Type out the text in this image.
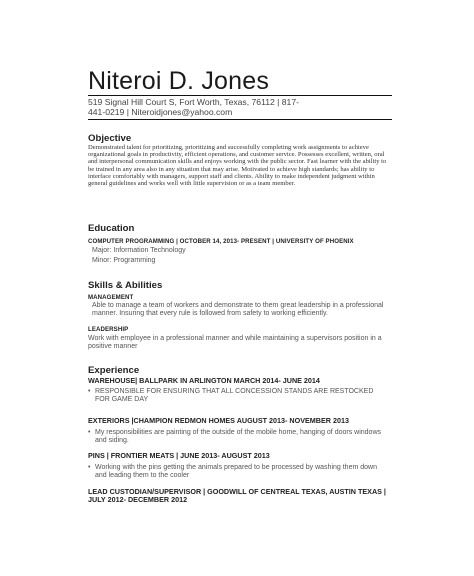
Niteroi D. Jones
519 Signal Hill Court S, Fort Worth, Texas, 76112 | 817-441-0219 | Niteroidjones@yahoo.com
Objective
Demonstrated talent for prioritizing, prioritizing and successfully completing work assignments to achieve organizational goals in productivity, efficient operations, and customer service. Possesses excellent, written, oral and interpersonal communication skills and enjoys working with the public sector. Fast learner with the ability to be trained in any area also in any situation that may arise. Motivated to achieve high standards; has ability to interface comfortably with managers, support staff and clients. Ability to make independent judgment within general guidelines and works well with little supervision or as a team member.
Education
COMPUTER PROGRAMMING | OCTOBER 14, 2013- PRESENT | UNIVERSITY OF PHOENIX
Major: Information Technology
Minor: Programming
Skills & Abilities
MANAGEMENT
Able to manage a team of workers and demonstrate to them great leadership in a professional manner. Insuring that every rule is followed from safety to working efficiently.
LEADERSHIP
Work with employee in a professional manner and while maintaining a supervisors position in a positive manner
Experience
WAREHOUSE| BALLPARK IN ARLINGTON MARCH 2014- JUNE 2014
• RESPONSIBLE FOR ENSURING THAT ALL CONCESSION STANDS ARE RESTOCKED FOR GAME DAY
EXTERIORS |CHAMPION REDMON HOMES AUGUST 2013- NOVEMBER 2013
• My responsibilities are painting of the outside of the mobile home, hanging of doors windows and siding.
PINS | FRONTIER MEATS | JUNE 2013- AUGUST 2013
• Working with the pins getting the animals prepared to be processed by washing them down and leading them to the cooler
LEAD CUSTODIAN/SUPERVISOR | GOODWILL OF CENTREAL TEXAS, AUSTIN TEXAS | JULY 2012- DECEMBER 2012
